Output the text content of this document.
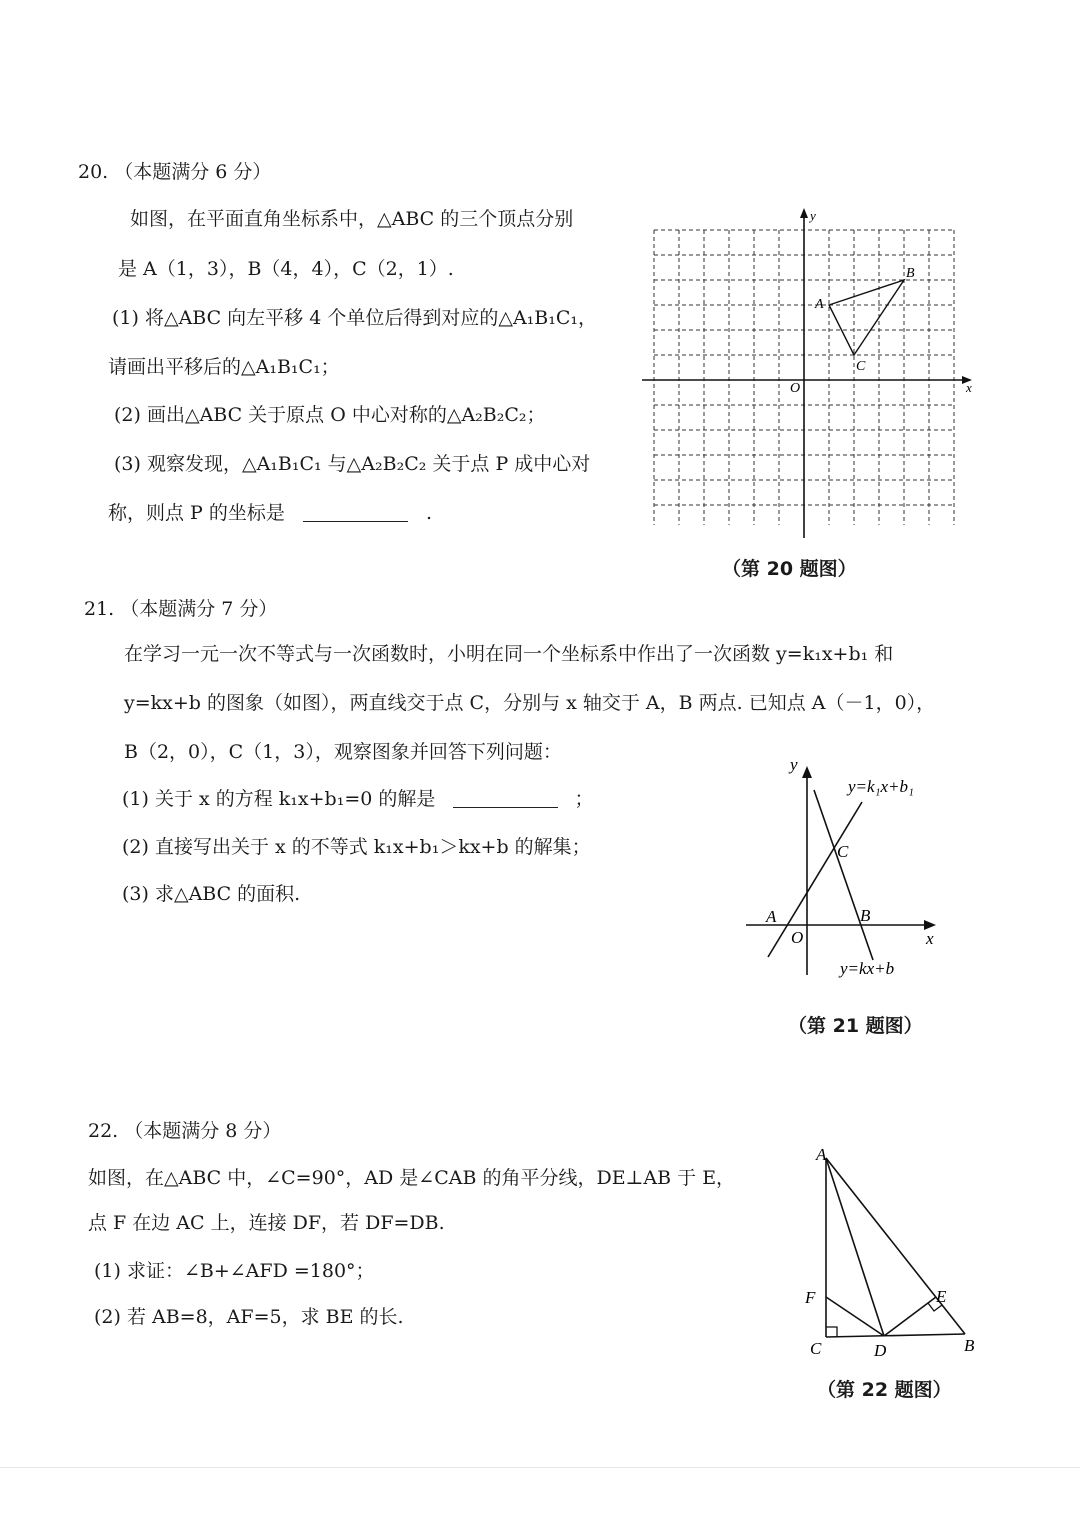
20. （本题满分 6 分）
如图，在平面直角坐标系中，△ABC 的三个顶点分别
是 A（1，3），B（4，4），C（2，1）.
(1) 将△ABC 向左平移 4 个单位后得到对应的△A₁B₁C₁，
请画出平移后的△A₁B₁C₁；
(2) 画出△ABC 关于原点 O 中心对称的△A₂B₂C₂；
(3) 观察发现，△A₁B₁C₁ 与△A₂B₂C₂ 关于点 P 成中心对
称，则点 P 的坐标是	.
x
y
O
A
B
C
（第 20 题图）
21. （本题满分 7 分）
在学习一元一次不等式与一次函数时，小明在同一个坐标系中作出了一次函数 y=k₁x+b₁ 和
y=kx+b 的图象（如图），两直线交于点 C，分别与 x 轴交于 A，B 两点. 已知点 A（－1，0），
B（2，0），C（1，3），观察图象并回答下列问题：
(1) 关于 x 的方程 k₁x+b₁=0 的解是	；
(2) 直接写出关于 x 的不等式 k₁x+b₁＞kx+b 的解集；
(3) 求△ABC 的面积.
y
x
O
A	B
C
y=k₁x+b₁
y=kx+b
（第 21 题图）
22. （本题满分 8 分）
如图，在△ABC 中，∠C=90°，AD 是∠CAB 的角平分线，DE⊥AB 于 E，
点 F 在边 AC 上，连接 DF，若 DF=DB.
(1) 求证：∠B+∠AFD =180°；
(2) 若 AB=8，AF=5，求 BE 的长.
A
F
C	D	B
E
（第 22 题图）
